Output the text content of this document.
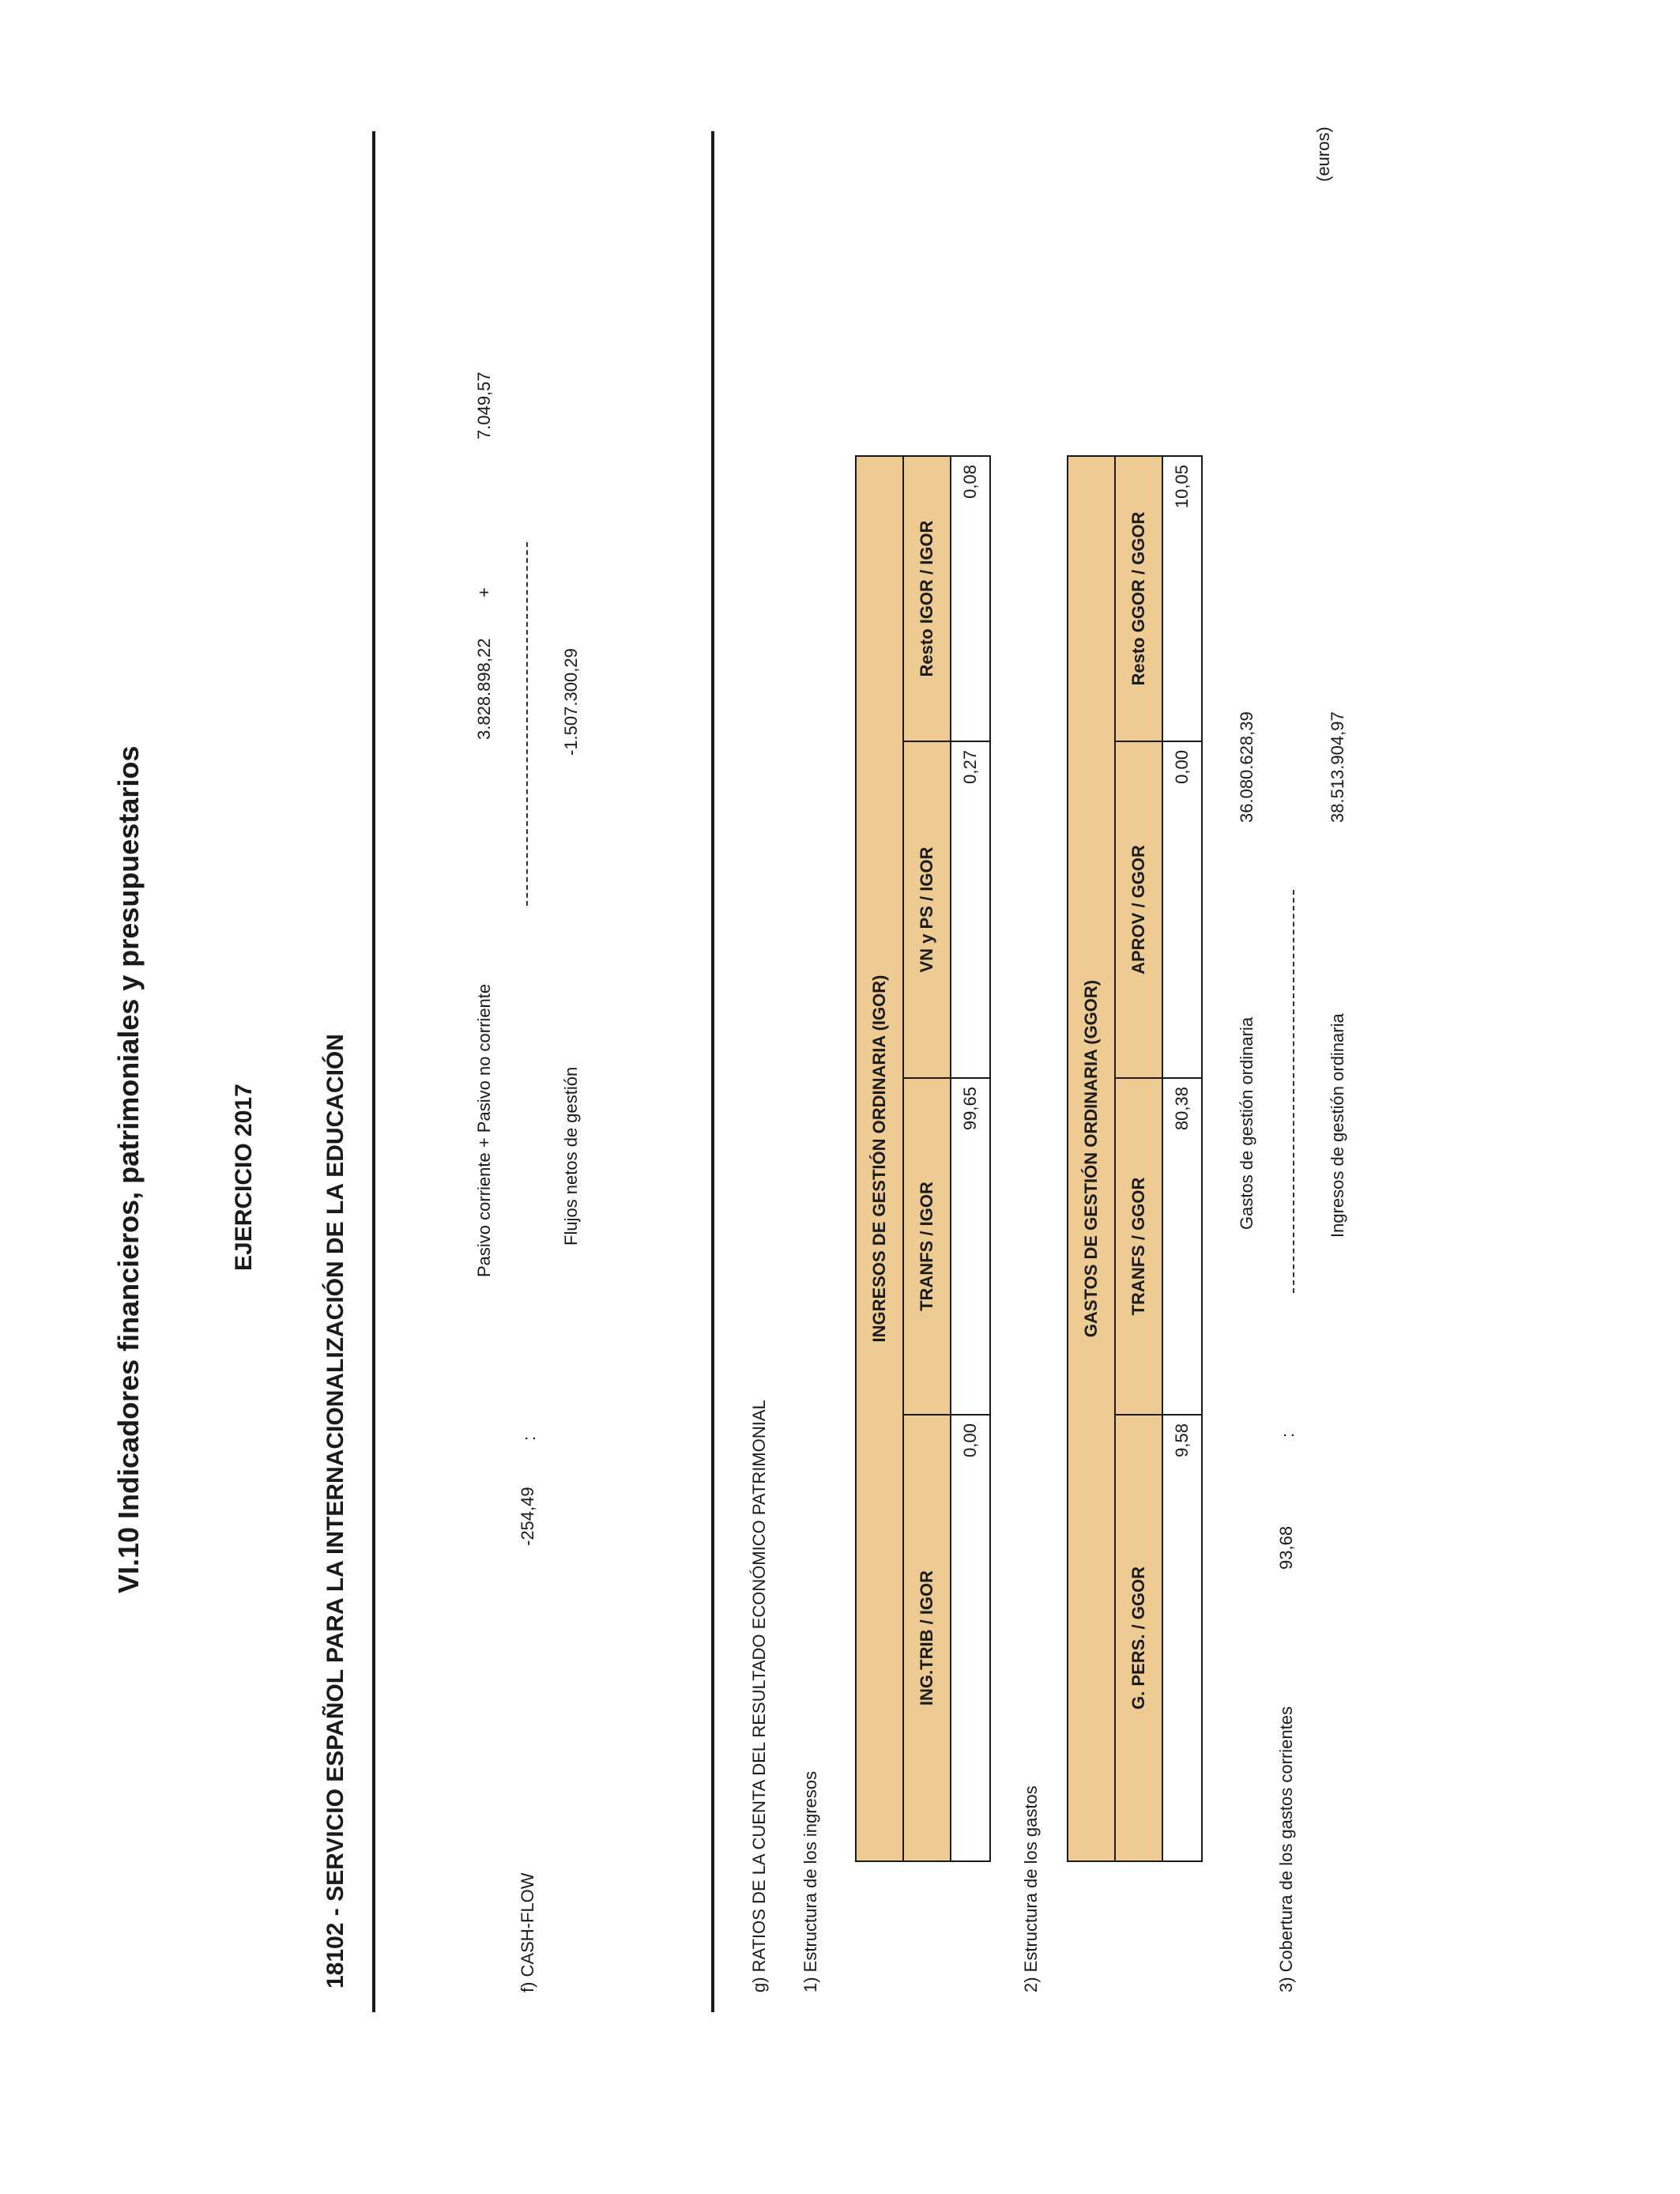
VI.10 Indicadores financieros, patrimoniales y presupuestarios	EJERCICIO 2017	18102 - SERVICIO ESPAÑOL PARA LA INTERNACIONALIZACIÓN DE LA EDUCACIÓN
(euros)
f) CASH-FLOW
-254,49
:
Pasivo corriente + Pasivo no corriente
3.828.898,22
+
7.049,57
Flujos netos de gestión
-1.507.300,29
g) RATIOS DE LA CUENTA DEL RESULTADO ECONÓMICO PATRIMONIAL 1) Estructura de los ingresos
INGRESOS DE GESTIÓN ORDINARIA (IGOR)			
ING.TRIB / IGOR	TRANFS / IGOR	VN y PS / IGOR	Resto IGOR / IGOR
0,00	99,65	0,27	0,08
2) Estructura de los gastos
GASTOS DE GESTIÓN ORDINARIA (GGOR)			
G. PERS. / GGOR	TRANFS / GGOR	APROV / GGOR	Resto GGOR / GGOR
9,58	80,38	0,00	10,05
3) Cobertura de los gastos corrientes
93,68
:
Gastos de gestión ordinaria
36.080.628,39
Ingresos de gestión ordinaria
38.513.904,97
